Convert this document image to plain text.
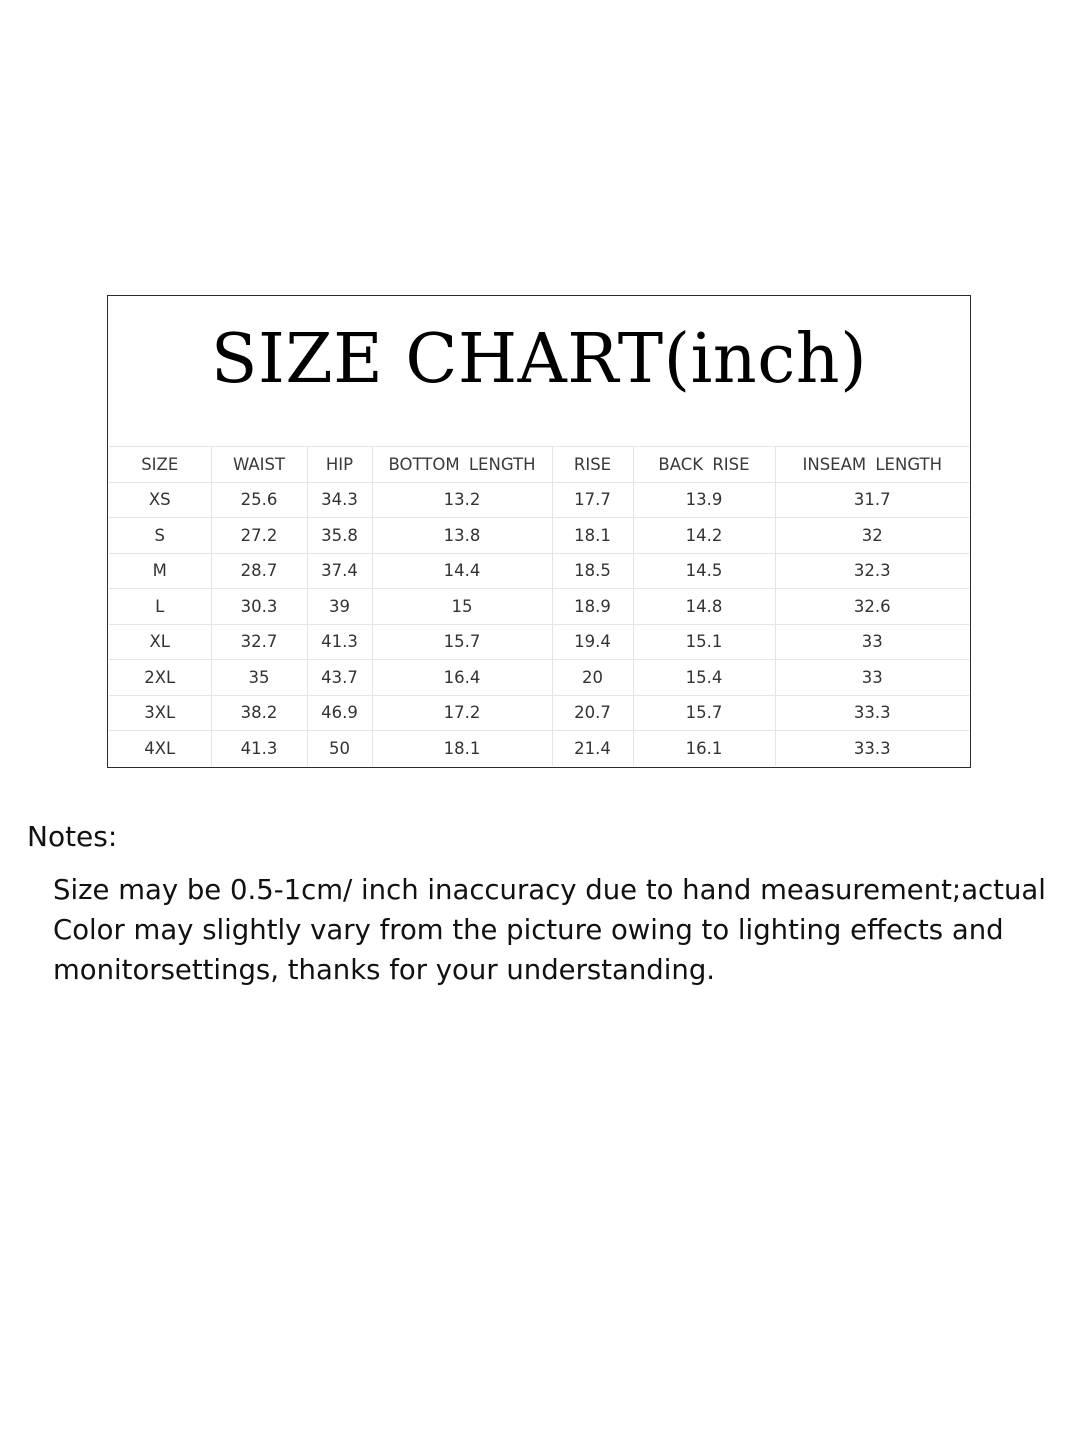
SIZE CHART(inch)
SIZE	WAIST	HIP	BOTTOM LENGTH	RISE	BACK RISE	INSEAM LENGTH
XS	25.6	34.3	13.2	17.7	13.9	31.7
S	27.2	35.8	13.8	18.1	14.2	32
M	28.7	37.4	14.4	18.5	14.5	32.3
L	30.3	39	15	18.9	14.8	32.6
XL	32.7	41.3	15.7	19.4	15.1	33
2XL	35	43.7	16.4	20	15.4	33
3XL	38.2	46.9	17.2	20.7	15.7	33.3
4XL	41.3	50	18.1	21.4	16.1	33.3
Notes:
Size may be 0.5-1cm/ inch inaccuracy due to hand measurement;actual
Color may slightly vary from the picture owing to lighting effects and
monitorsettings, thanks for your understanding.
